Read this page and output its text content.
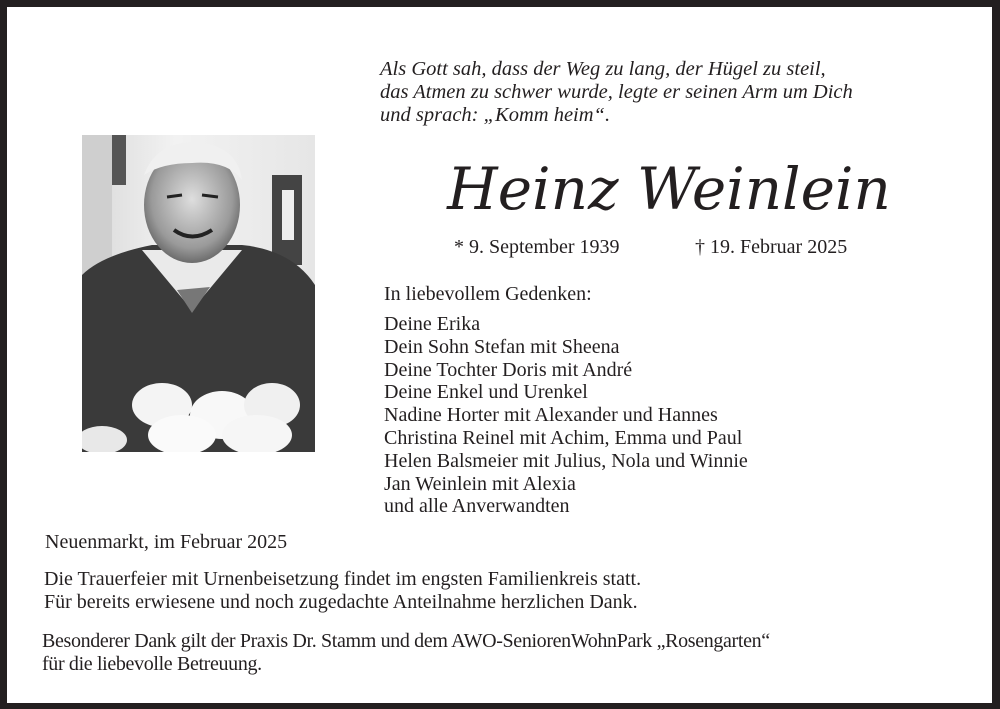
Als Gott sah, dass der Weg zu lang, der Hügel zu steil,
das Atmen zu schwer wurde, legte er seinen Arm um Dich
und sprach: „Komm heim“.
Heinz Weinlein
* 9. September 1939	† 19. Februar 2025
In liebevollem Gedenken:
Deine Erika
Dein Sohn Stefan mit Sheena
Deine Tochter Doris mit André
Deine Enkel und Urenkel
Nadine Horter mit Alexander und Hannes
Christina Reinel mit Achim, Emma und Paul
Helen Balsmeier mit Julius, Nola und Winnie
Jan Weinlein mit Alexia
und alle Anverwandten
Neuenmarkt, im Februar 2025
Die Trauerfeier mit Urnenbeisetzung findet im engsten Familienkreis statt.
Für bereits erwiesene und noch zugedachte Anteilnahme herzlichen Dank.
Besonderer Dank gilt der Praxis Dr. Stamm und dem AWO-SeniorenWohnPark „Rosengarten“
für die liebevolle Betreuung.
